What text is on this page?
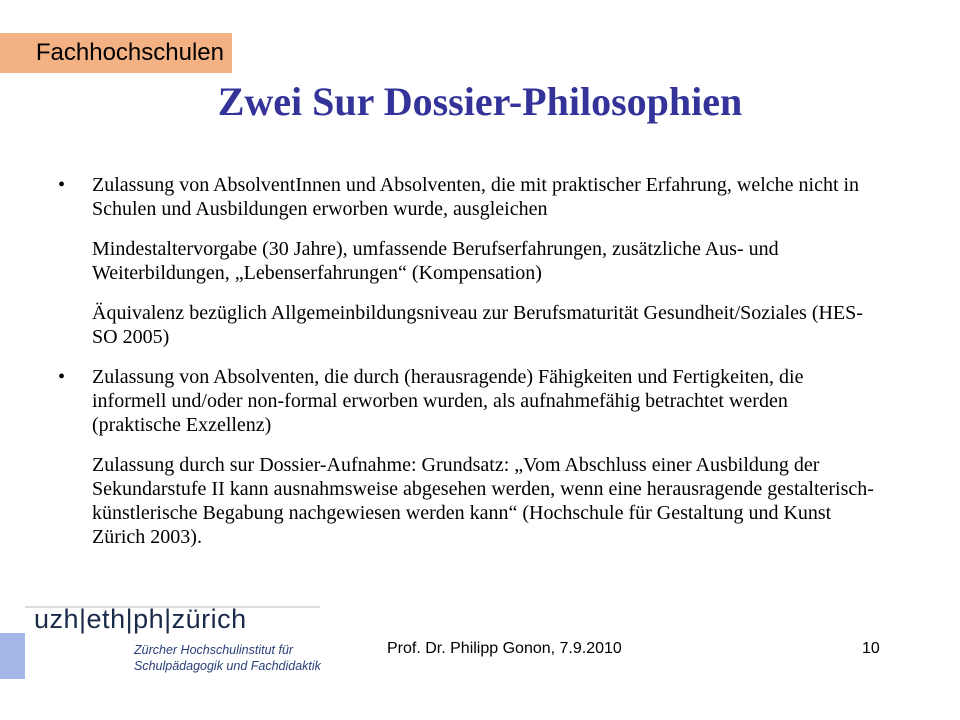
Fachhochschulen
Zwei Sur Dossier-Philosophien
• Zulassung von AbsolventInnen und Absolventen, die mit praktischer Erfahrung, welche nicht in Schulen und Ausbildungen erworben wurde, ausgleichen
Mindestaltervorgabe (30 Jahre), umfassende Berufserfahrungen, zusätzliche Aus- und Weiterbildungen, „Lebenserfahrungen“ (Kompensation)
Äquivalenz bezüglich Allgemeinbildungsniveau zur Berufsmaturität Gesundheit/Soziales (HES-SO 2005)
• Zulassung von Absolventen, die durch (herausragende) Fähigkeiten und Fertigkeiten, die informell und/oder non-formal erworben wurden, als aufnahmefähig betrachtet werden (praktische Exzellenz)
Zulassung durch sur Dossier-Aufnahme: Grundsatz: „Vom Abschluss einer Ausbildung der Sekundarstufe II kann ausnahmsweise abgesehen werden, wenn eine herausragende gestalterisch-künstlerische Begabung nachgewiesen werden kann“ (Hochschule für Gestaltung und Kunst Zürich 2003).
uzh|eth|ph|zürich
Zürcher Hochschulinstitut für
Schulpädagogik und Fachdidaktik
Prof. Dr. Philipp Gonon, 7.9.2010	10
